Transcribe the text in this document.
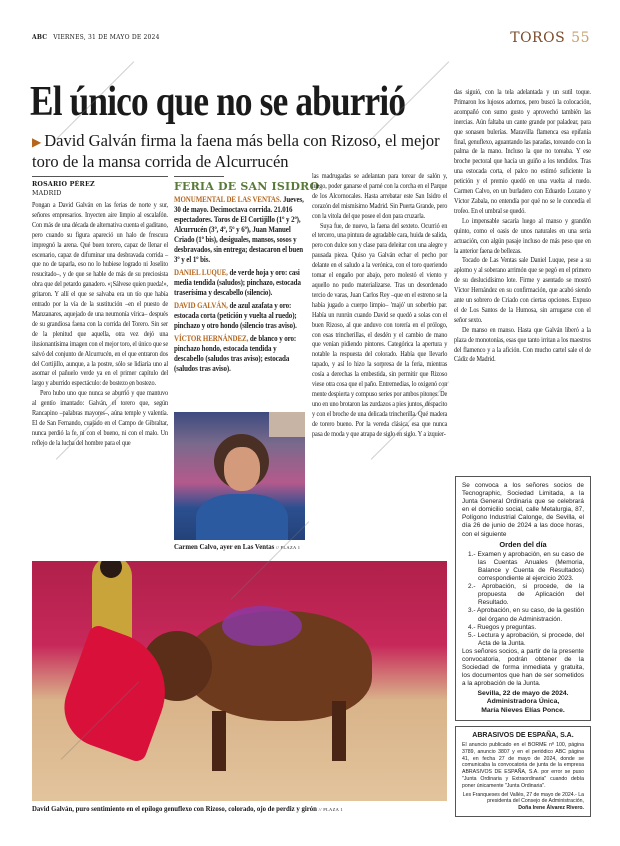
ABC VIERNES, 31 DE MAYO DE 2024	TOROS 55
El único que no se aburrió
▶ David Galván firma la faena más bella con Rizoso, el mejor toro de la mansa corrida de Alcurrucén
ROSARIO PÉREZ
MADRID

Pongan a David Galván en las ferias de norte y sur, señores empresarios. Inyecten aire limpio al escalafón. Con más de una década de alternativa cuenta el gaditano, pero cuando su figura apareció un halo de frescura impregnó la arena. Qué buen torero, capaz de llenar el escenario, capaz de difuminar una desbravada corrida –que no de taparla, eso no lo hubiese logrado ni Joselito resucitado–, y de que se hable de más de su preciosista obra que del petardo ganadero. «¡Sálvese quien pueda!», gritaron. Y allí el que se salvaba era un tío que había entrado por la vía de la sustitución –en el puesto de Manzanares, aquejado de una neumonía vírica– después de su grandiosa faena con la corrida del Torero. Sin ser de la plenitud que aquella, otra vez dejó una ilusionantísima imagen con el mejor toro, el único que se salvó del conjunto de Alcurrucén, en el que entraron dos del Cortijillo, aunque, a la postre, sólo se lidiaría uno al asomar el pañuelo verde ya en el primer capítulo del largo y aburrido espectáculo: de bostezo en bostezo.

Pero hubo uno que nunca se aburrió y que mantuvo al gentío imantado: Galván, el torero que, según Rancapino –palabras mayores–, aúna temple y valentía. El de San Fernando, cuajado en el Campo de Gibraltar, nunca perdió la fe, ni con el bueno, ni con el malo. Un reflejo de la lucha del hombre para el que

FERIA DE SAN ISIDRO

MONUMENTAL DE LAS VENTAS. Jueves, 30 de mayo. Decimoctava corrida. 21.016 espectadores. Toros de El Cortijillo (1º y 2º), Alcurrucén (3º, 4º, 5º y 6º), Juan Manuel Criado (1º bis), desiguales, mansos, sosos y desbravados, sin entrega; destacaron el buen 3º y el 1º bis.

DANIEL LUQUE, de verde hoja y oro: casi media tendida (saludos); pinchazo, estocada traserísima y descabello (silencio).

DAVID GALVÁN, de azul azafata y oro: estocada corta (petición y vuelta al ruedo); pinchazo y otro hondo (silencio tras aviso).

VÍCTOR HERNÁNDEZ, de blanco y oro: pinchazo hondo, estocada tendida y descabello (saludos tras aviso); estocada (saludos tras aviso).

Carmen Calvo, ayer en Las Ventas // PLAZA 1

las madrugadas se adelantan para torear de salón y, luego, poder ganarse el parné con la corcha en el Parque de los Alcornocales. Hasta arrebatar este San Isidro el corazón del mismísimo Madrid. Sin Puerta Grande, pero con la vitola del que posee el don para cruzarla.

Suya fue, de nuevo, la faena del sexteto. Ocurrió en el tercero, una pintura de agradable cara, huida de salida, pero con dulce son y clase para deleitar con una alegre y pausada pieza. Quiso ya Galván echar el pecho por delante en el saludo a la verónica, con el toro queriendo tomar el engaño por abajo, pero molestó el viento y aquello no pudo materializarse. Tras un desordenado tercio de varas, Juan Carlos Rey –que en el estreno se la había jugado a cuerpo limpio– 'majó' un soberbio par. Había un runrún cuando David se quedó a solas con el buen Rizoso, al que anduvo con torería en el prólogo, con esas trincherillas, el desdén y el cambio de mano que venían pidiendo pintores. Categórica la apertura y notable la respuesta del colorado. Había que llevarlo tapado, y así lo hizo la sorpresa de la feria, mientras cosía a derechas la embestida, sin permitir que Rizoso viese otra cosa que el paño. Entremedias, lo oxigenó con mente despierta y compuso series por ambos pitones. De uno en uno brotaron las zurdazos a pies juntos, despacito y con el broche de una delicada trincherilla. Qué madera de torero bueno. Por la vereda clásica, esa que nunca pasa de moda y que atrapa de siglo en siglo. Y a izquier-

das siguió, con la tela adelantada y un sutil toque. Primaron los lujosos adornos, pero buscó la colocación, acompañó con sumo gusto y aprovechó también las inercias. Aún faltaba un cante grande por paladear, para que sonasen bulerías. Maravilla flamenca esa epifanía final, genuflexo, aguantando las paradas, toreando con la palma de la mano. Incluso la que no toreaba. Y ese broche pectoral que hacía un guiño a los tendidos. Tras una estocada corta, el palco no estimó suficiente la petición y el premio quedó en una vuelta al ruedo. Carmen Calvo, en un burladero con Eduardo Lozano y Víctor Zabala, no entendía por qué no se le concedía el trofeo. En el umbral se quedó.

Lo impensable sacaría luego al manso y grandón quinto, como el oasis de unos naturales en una seria actuación, con algún pasaje incluso de más peso que en la anterior faena de bellezas.

Tocado de Las Ventas sale Daniel Luque, pese a su aplomo y al soberano arrimón que se pegó en el primero de su deslucidísimo lote. Firme y asentado se mostró Víctor Hernández en su confirmación, que acabó siendo ante un sobrero de Criado con ciertas opciones. Expuso el de Los Santos de la Humosa, sin arrugarse con el señor sexto.

De manso en manso. Hasta que Galván liberó a la plaza de monotonías, esas que tanto irritan a los maestros del flamenco y a la afición. Con mucho cartel sale el de Cádiz de Madrid.

David Galván, puro sentimiento en el epílogo genuflexo con Rizoso, colorado, ojo de perdiz y girón // PLAZA 1

Se convoca a los señores socios de Tecnographic, Sociedad Limitada, a la Junta General Ordinaria que se celebrará en el domicilio social, calle Metalurgia, 87, Polígono Industrial Calonge, de Sevilla, el día 26 de junio de 2024 a las doce horas, con el siguiente

Orden del día

1.- Examen y aprobación, en su caso de las Cuentas Anuales (Memoria, Balance y Cuenta de Resultados) correspondiente al ejercicio 2023.
2.- Aprobación, si procede, de la propuesta de Aplicación del Resultado.
3.- Aprobación, en su caso, de la gestión del órgano de Administración.
4.- Ruegos y preguntas.
5.- Lectura y aprobación, si procede, del Acta de la Junta.

Los señores socios, a partir de la presente convocatoria, podrán obtener de la Sociedad de forma inmediata y gratuita, los documentos que han de ser sometidos a la aprobación de la Junta.

Sevilla, 22 de mayo de 2024.

Administradora Única,

María Nieves Elías Ponce.

ABRASIVOS DE ESPAÑA, S.A.

El anuncio publicado en el BORME nº 100, página 3789, anuncio 3807 y en el periódico ABC página 41, en fecha 27 de mayo de 2024, donde se comunicaba la convocatoria de junta de la empresa ABRASIVOS DE ESPAÑA, S.A. por error se puso "Junta Ordinaria y Extraordinaria" cuando debía poner únicamente "Junta Ordinaria".

Les Franqueses del Vallès, 27 de mayo de 2024.- La presidenta del Consejo de Administración,

Doña Irene Álvarez Rivero.
